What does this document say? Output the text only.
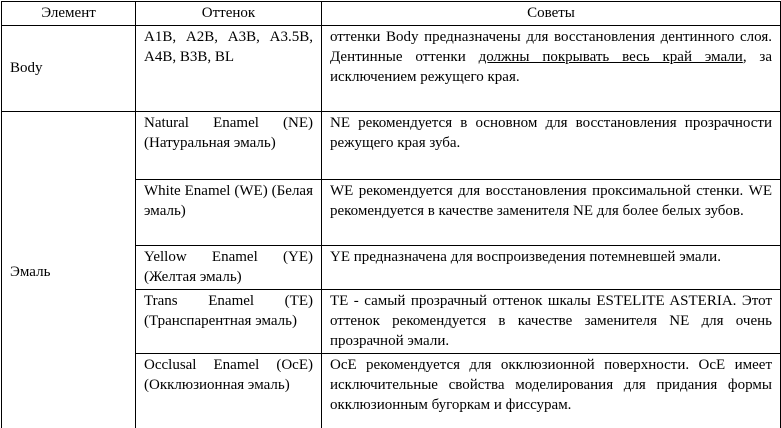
Элемент	Оттенок	Советы
Body	A1B, A2B, A3B, A3.5B, A4B, B3B, BL	оттенки Body предназначены для восстановления дентинного слоя. Дентинные оттенки должны покрывать весь край эмали, за исключением режущего края.
Эмаль	Natural Enamel (NE) (Натуральная эмаль)	NE рекомендуется в основном для восстановления прозрачности режущего края зуба.
	White Enamel (WE) (Белая эмаль)	WE рекомендуется для восстановления проксимальной стенки. WE рекомендуется в качестве заменителя NE для более белых зубов.
	Yellow Enamel (YE) (Желтая эмаль)	YE предназначена для воспроизведения потемневшей эмали.
	Trans Enamel (TE) (Транспарентная эмаль)	TE - самый прозрачный оттенок шкалы ESTELITE ASTERIA. Этот оттенок рекомендуется в качестве заменителя NE для очень прозрачной эмали.
	Occlusal Enamel (OcE) (Окклюзионная эмаль)	OcE рекомендуется для окклюзионной поверхности. OcE имеет исключительные свойства моделирования для придания формы окклюзионным бугоркам и фиссурам.
